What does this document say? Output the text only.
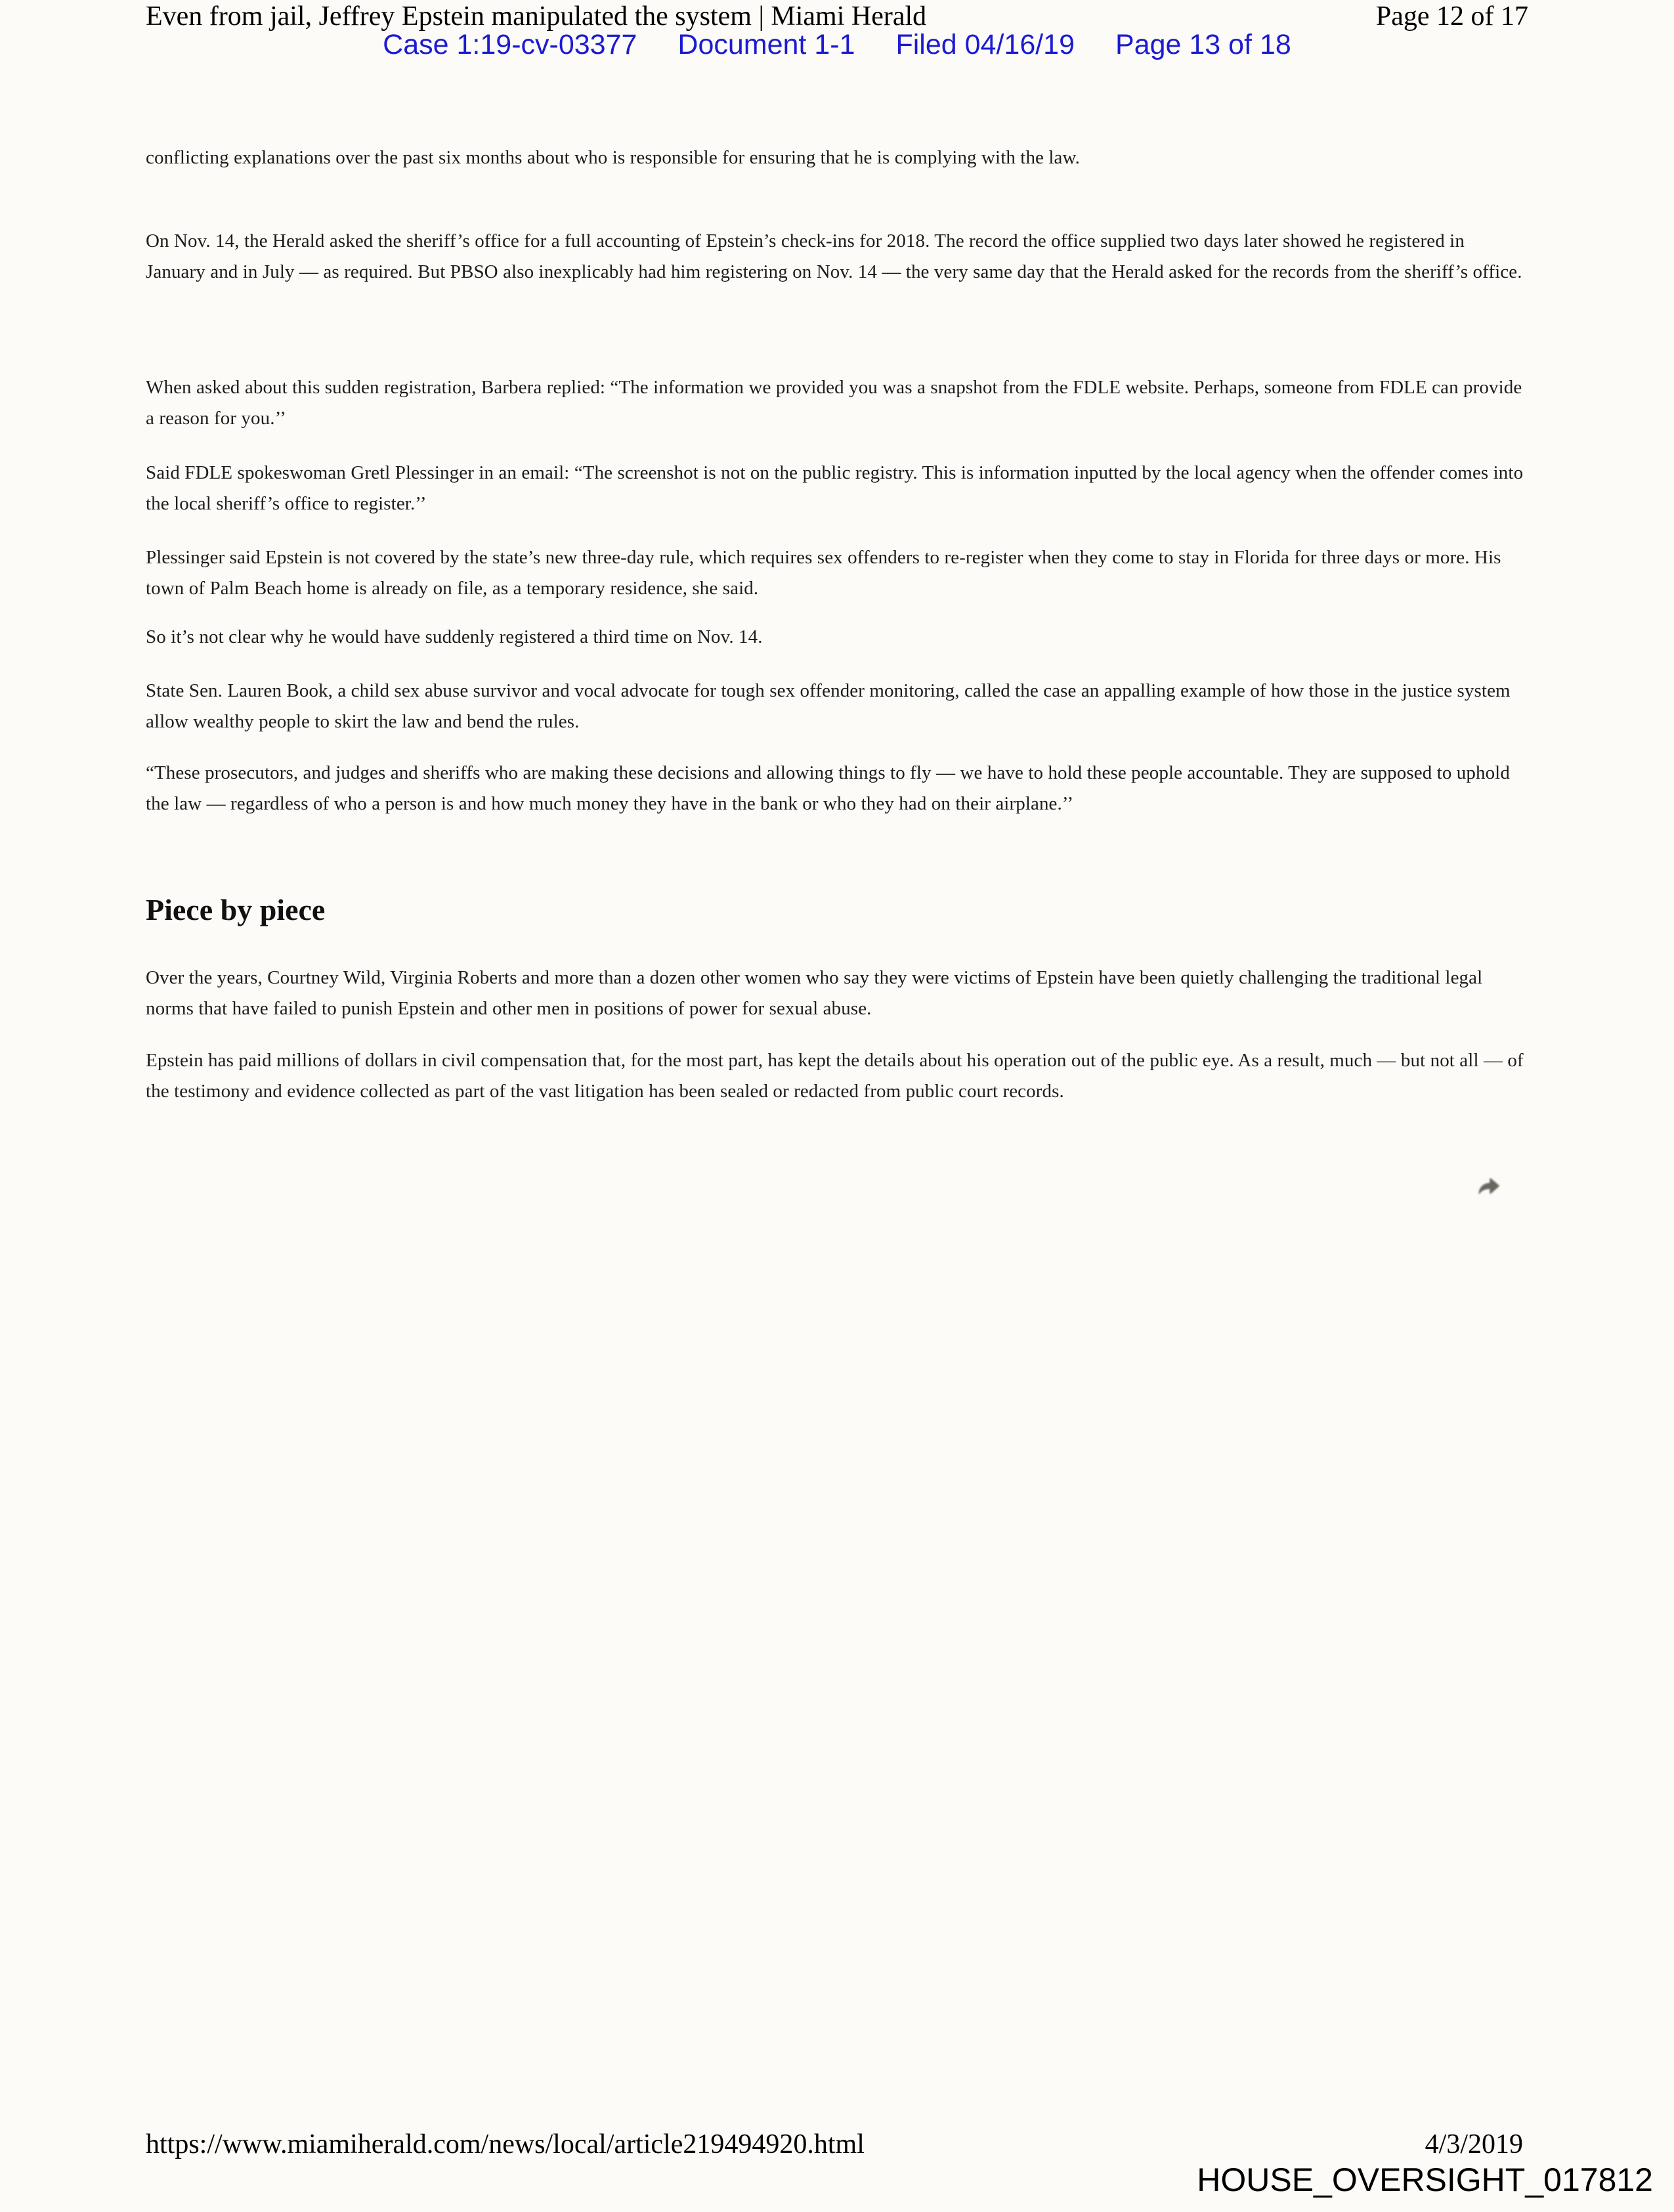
Even from jail, Jeffrey Epstein manipulated the system | Miami Herald	Page 12 of 17
Case 1:19-cv-03377 Document 1-1 Filed 04/16/19 Page 13 of 18

conflicting explanations over the past six months about who is responsible for ensuring that he is complying with the law.

On Nov. 14, the Herald asked the sheriff’s office for a full accounting of Epstein’s check-ins for 2018. The record the office supplied two days later showed he registered in January and in July — as required. But PBSO also inexplicably had him registering on Nov. 14 — the very same day that the Herald asked for the records from the sheriff’s office.

When asked about this sudden registration, Barbera replied: “The information we provided you was a snapshot from the FDLE website. Perhaps, someone from FDLE can provide a reason for you.’’

Said FDLE spokeswoman Gretl Plessinger in an email: “The screenshot is not on the public registry. This is information inputted by the local agency when the offender comes into the local sheriff’s office to register.’’

Plessinger said Epstein is not covered by the state’s new three-day rule, which requires sex offenders to re-register when they come to stay in Florida for three days or more. His town of Palm Beach home is already on file, as a temporary residence, she said.

So it’s not clear why he would have suddenly registered a third time on Nov. 14.

State Sen. Lauren Book, a child sex abuse survivor and vocal advocate for tough sex offender monitoring, called the case an appalling example of how those in the justice system allow wealthy people to skirt the law and bend the rules.

“These prosecutors, and judges and sheriffs who are making these decisions and allowing things to fly — we have to hold these people accountable. They are supposed to uphold the law — regardless of who a person is and how much money they have in the bank or who they had on their airplane.’’

Piece by piece

Over the years, Courtney Wild, Virginia Roberts and more than a dozen other women who say they were victims of Epstein have been quietly challenging the traditional legal norms that have failed to punish Epstein and other men in positions of power for sexual abuse.

Epstein has paid millions of dollars in civil compensation that, for the most part, has kept the details about his operation out of the public eye. As a result, much — but not all — of the testimony and evidence collected as part of the vast litigation has been sealed or redacted from public court records.

https://www.miamiherald.com/news/local/article219494920.html	4/3/2019
HOUSE_OVERSIGHT_017812
